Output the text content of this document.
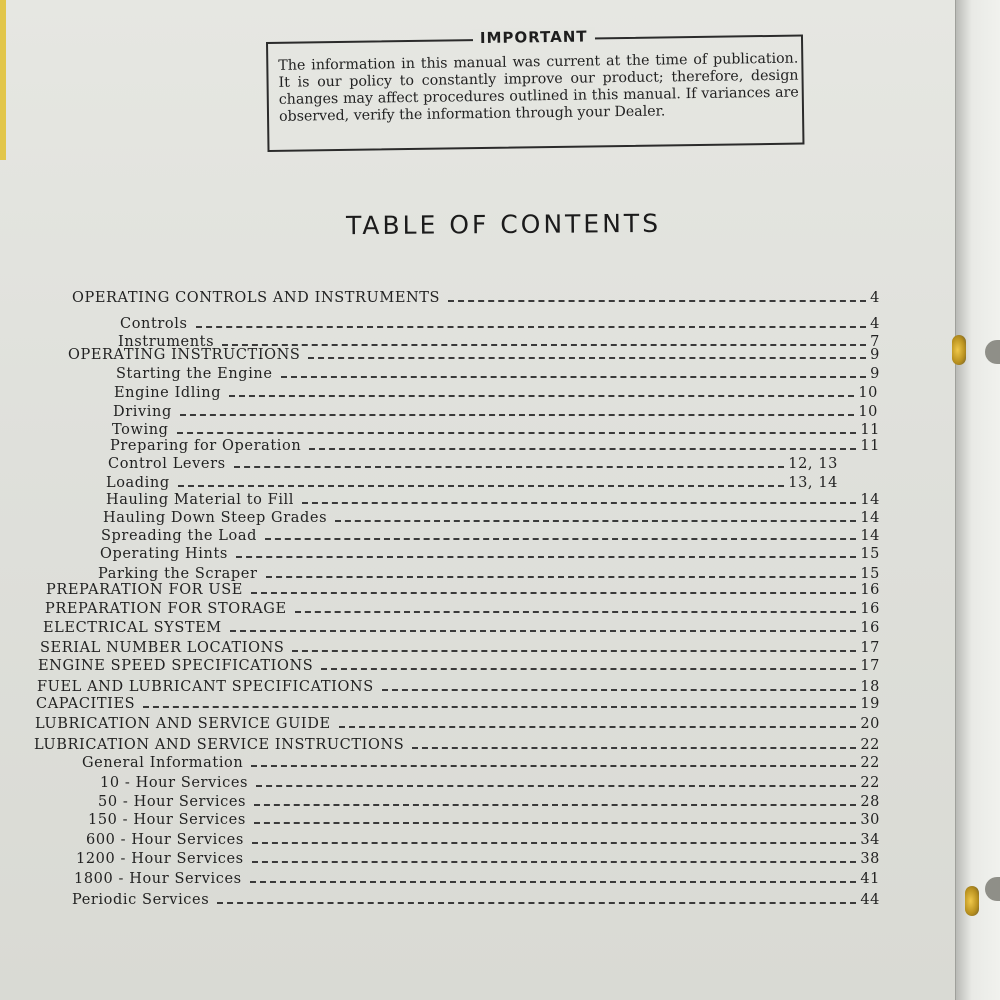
IMPORTANT

The information in this manual was current at the time of publication. It is our policy to constantly improve our product; therefore, design changes may affect procedures outlined in this manual. If variances are observed, verify the information through your Dealer.

TABLE OF CONTENTS
OPERATING CONTROLS AND INSTRUMENTS	4
Controls	4
Instruments	7
OPERATING INSTRUCTIONS	9
Starting the Engine	9
Engine Idling	10
Driving	10
Towing	11
Preparing for Operation	11
Control Levers	12, 13
Loading	13, 14
Hauling Material to Fill	14
Hauling Down Steep Grades	14
Spreading the Load	14
Operating Hints	15
Parking the Scraper	15
PREPARATION FOR USE	16
PREPARATION FOR STORAGE	16
ELECTRICAL SYSTEM	16
SERIAL NUMBER LOCATIONS	17
ENGINE SPEED SPECIFICATIONS	17
FUEL AND LUBRICANT SPECIFICATIONS	18
CAPACITIES	19
LUBRICATION AND SERVICE GUIDE	20
LUBRICATION AND SERVICE INSTRUCTIONS	22
General Information	22
10 - Hour Services	22
50 - Hour Services	28
150 - Hour Services	30
600 - Hour Services	34
1200 - Hour Services	38
1800 - Hour Services	41
Periodic Services	44
